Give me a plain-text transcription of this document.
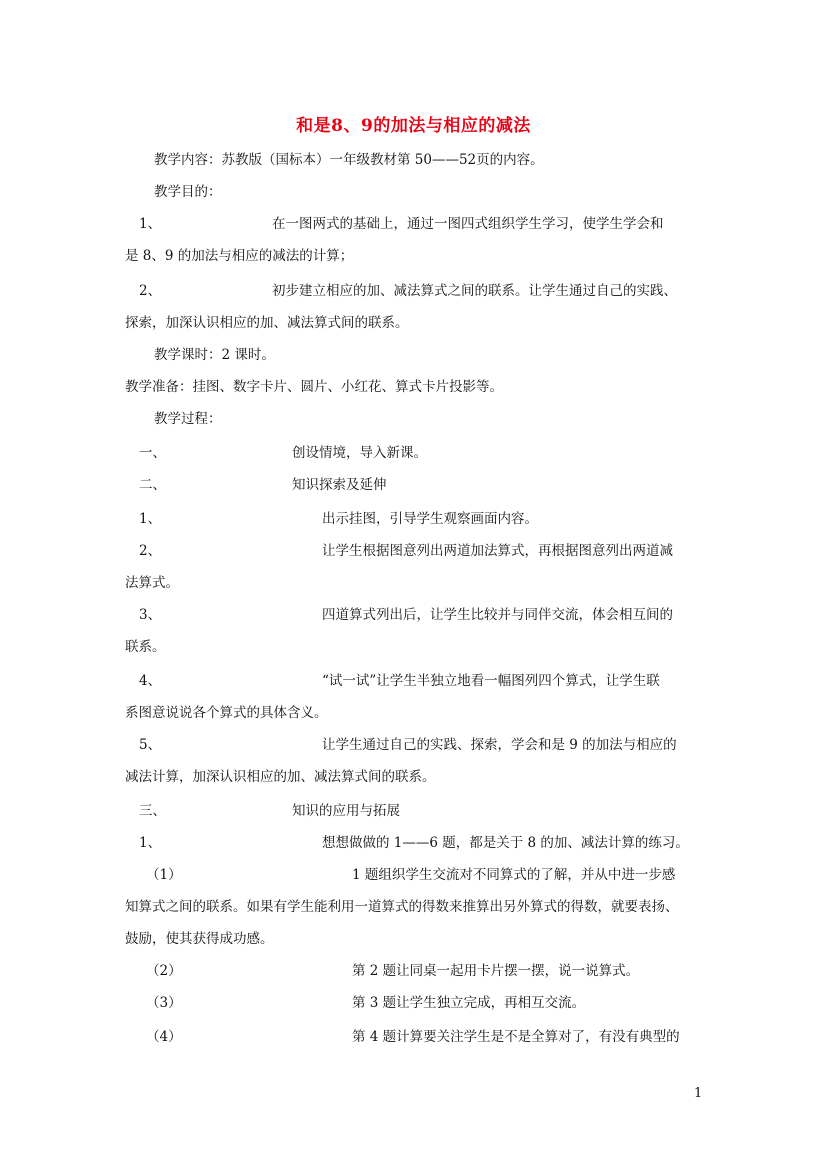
和是8、9的加法与相应的减法
教学内容：苏教版（国标本）一年级教材第 50——52页的内容。
教学目的：
1、	在一图两式的基础上，通过一图四式组织学生学习，使学生学会和
是 8、9 的加法与相应的减法的计算；
2、	初步建立相应的加、减法算式之间的联系。让学生通过自己的实践、
探索，加深认识相应的加、减法算式间的联系。
教学课时：2 课时。
教学准备：挂图、数字卡片、圆片、小红花、算式卡片投影等。
教学过程：
一、	创设情境，导入新课。
二、	知识探索及延伸
1、	出示挂图，引导学生观察画面内容。
2、	让学生根据图意列出两道加法算式，再根据图意列出两道减
法算式。
3、	四道算式列出后，让学生比较并与同伴交流，体会相互间的
联系。
4、	“试一试”让学生半独立地看一幅图列四个算式，让学生联
系图意说说各个算式的具体含义。
5、	让学生通过自己的实践、探索，学会和是 9 的加法与相应的
减法计算，加深认识相应的加、减法算式间的联系。
三、	知识的应用与拓展
1、	想想做做的 1——6 题，都是关于 8 的加、减法计算的练习。
（1）	1 题组织学生交流对不同算式的了解，并从中进一步感
知算式之间的联系。如果有学生能利用一道算式的得数来推算出另外算式的得数，就要表扬、
鼓励，使其获得成功感。
（2）	第 2 题让同桌一起用卡片摆一摆，说一说算式。
（3）	第 3 题让学生独立完成，再相互交流。
（4）	第 4 题计算要关注学生是不是全算对了，有没有典型的
1
